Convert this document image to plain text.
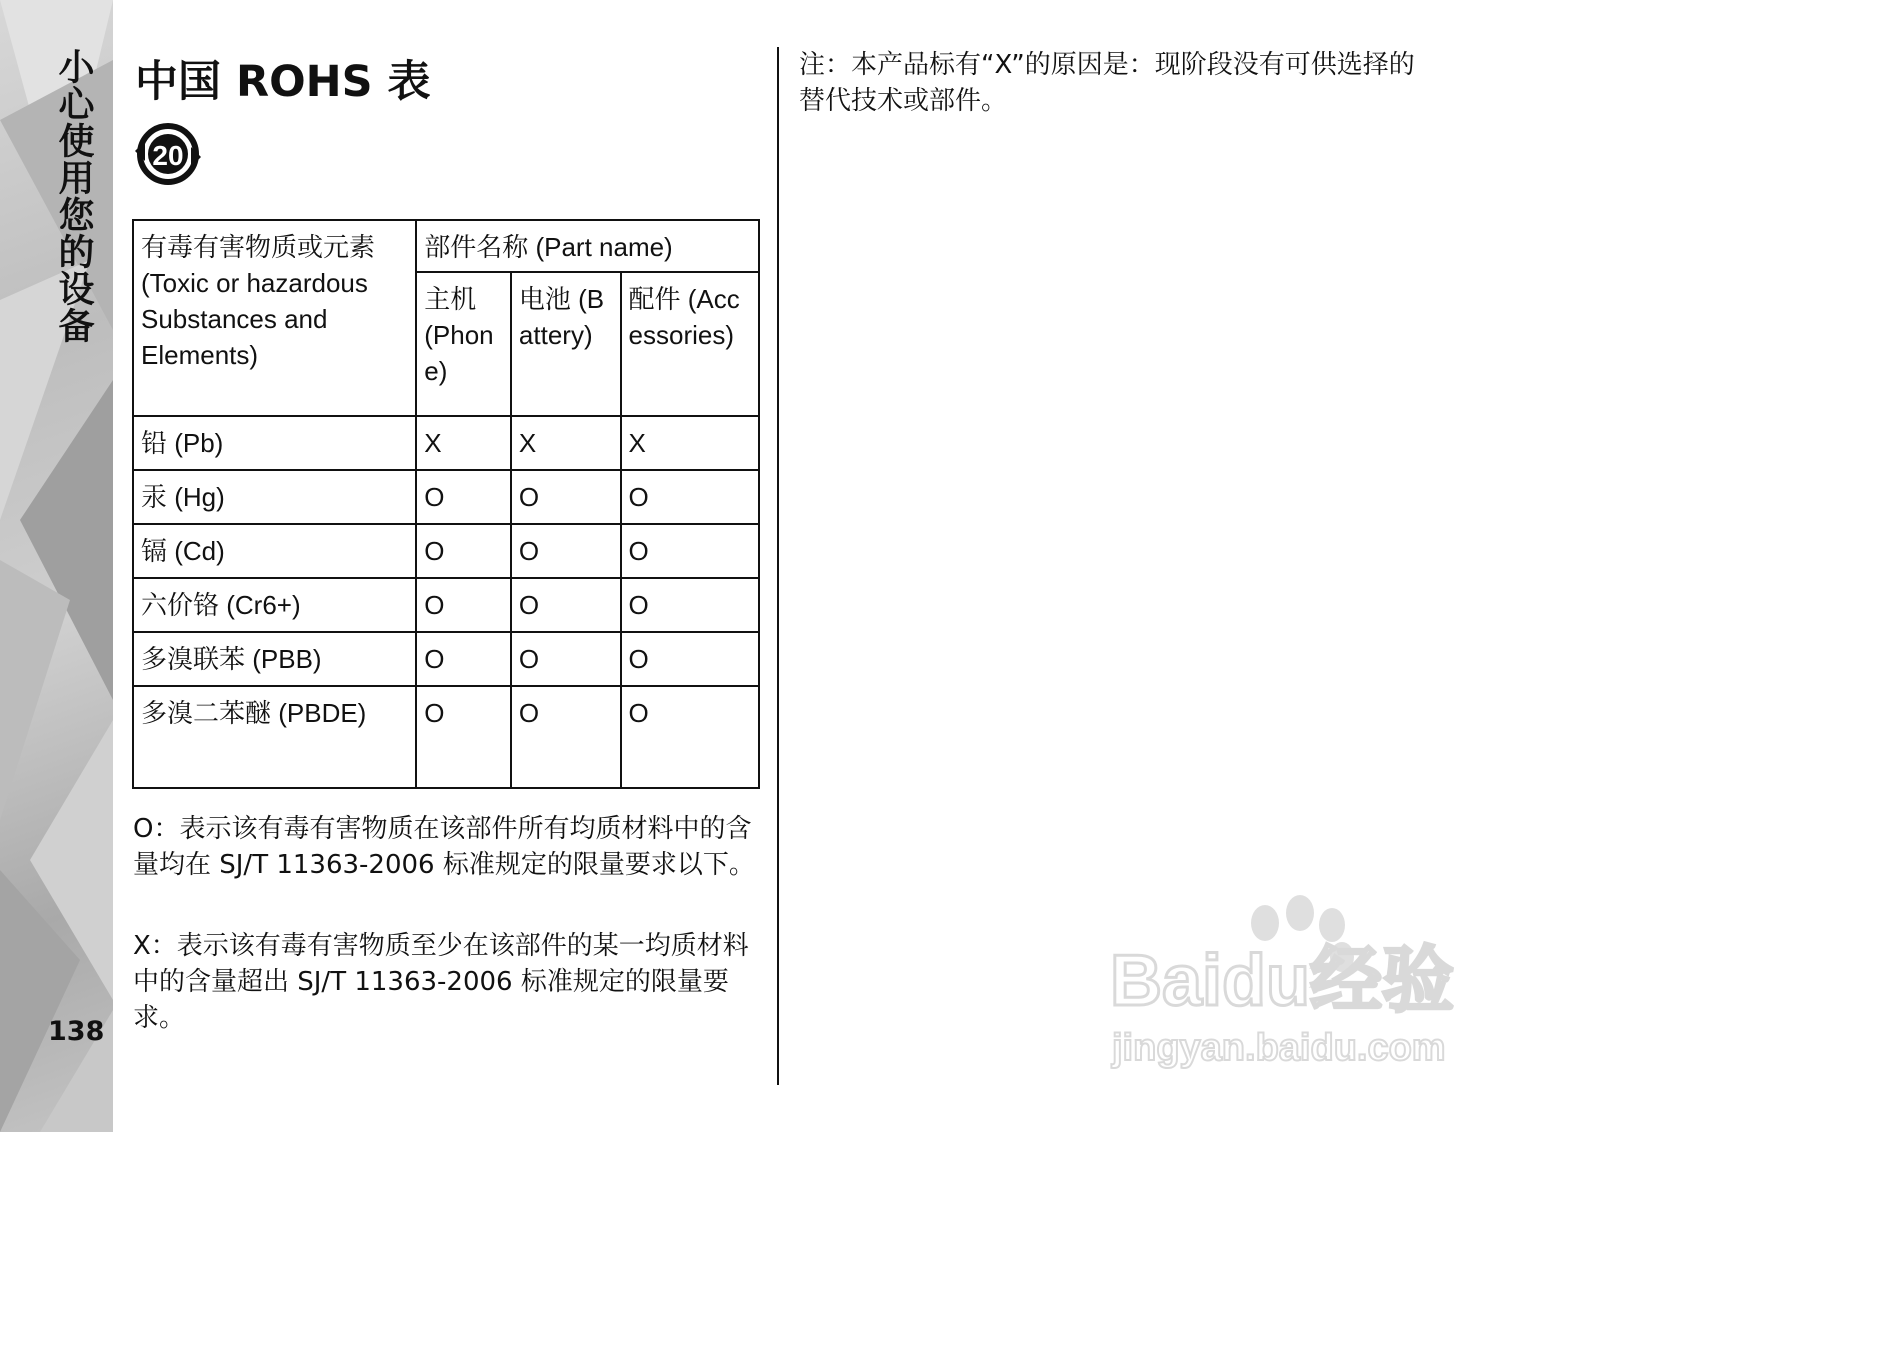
小心使用您的设备
138
中国 ROHS 表
20
有毒有害物质或元素 (Toxic or hazardous Substances and Elements)	部件名称 (Part name)		
	主机 (Phone)	电池 (Battery)	配件 (Accessories)
铅 (Pb)	X	X	X
汞 (Hg)	O	O	O
镉 (Cd)	O	O	O
六价铬 (Cr6+)	O	O	O
多溴联苯 (PBB)	O	O	O
多溴二苯醚 (PBDE)	O	O	O

O：表示该有毒有害物质在该部件所有均质材料中的含量均在 SJ/T 11363-2006 标准规定的限量要求以下。

X：表示该有毒有害物质至少在该部件的某一均质材料中的含量超出 SJ/T 11363-2006 标准规定的限量要求。

注：本产品标有“X”的原因是：现阶段没有可供选择的替代技术或部件。

Baidu经验
jingyan.baidu.com
